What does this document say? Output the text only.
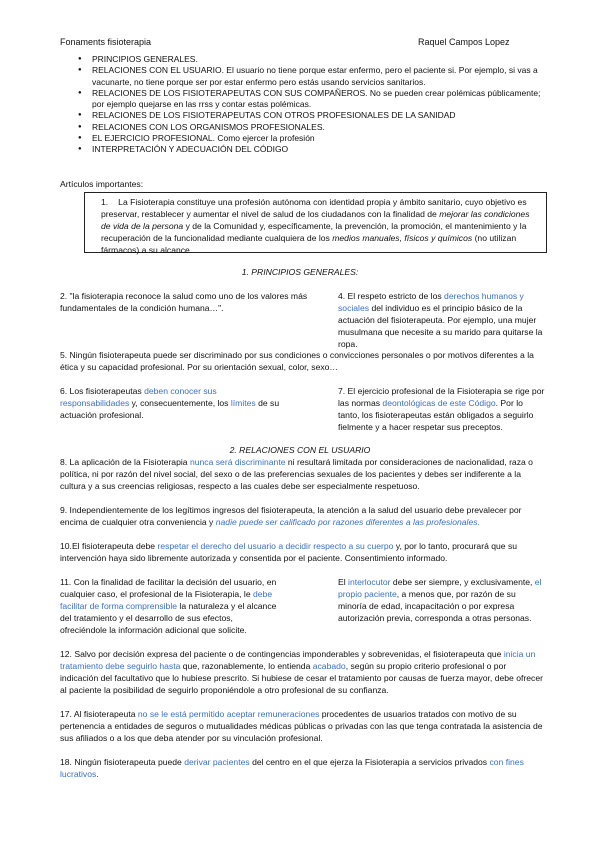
Fonaments fisioterapia	Raquel Campos Lopez
● PRINCIPIOS GENERALES.
● RELACIONES CON EL USUARIO. El usuario no tiene porque estar enfermo, pero el paciente si. Por ejemplo, si vas a vacunarte, no tiene porque ser por estar enfermo pero estás usando servicios sanitarios.
● RELACIONES DE LOS FISIOTERAPEUTAS CON SUS COMPAÑEROS. No se pueden crear polémicas públicamente; por ejemplo quejarse en las rrss y contar estas polémicas.
● RELACIONES DE LOS FISIOTERAPEUTAS CON OTROS PROFESIONALES DE LA SANIDAD
● RELACIONES CON LOS ORGANISMOS PROFESIONALES.
● EL EJERCICIO PROFESIONAL. Como ejercer la profesión
● INTERPRETACIÓN Y ADECUACIÓN DEL CÓDIGO
Artículos importantes:
1. La Fisioterapia constituye una profesión autónoma con identidad propia y ámbito sanitario, cuyo objetivo es preservar, restablecer y aumentar el nivel de salud de los ciudadanos con la finalidad de mejorar las condiciones de vida de la persona y de la Comunidad y, específicamente, la prevención, la promoción, el mantenimiento y la recuperación de la funcionalidad mediante cualquiera de los medios manuales, físicos y químicos (no utilizan fármacos) a su alcance.
1. PRINCIPIOS GENERALES:

2. "la fisioterapia reconoce la salud como uno de los valores más fundamentales de la condición humana…".

4. El respeto estricto de los derechos humanos y sociales del individuo es el principio básico de la actuación del fisioterapeuta. Por ejemplo, una mujer musulmana que necesite a su marido para quitarse la ropa.

5. Ningún fisioterapeuta puede ser discriminado por sus condiciones o convicciones personales o por motivos diferentes a la ética y su capacidad profesional. Por su orientación sexual, color, sexo…

6. Los fisioterapeutas deben conocer sus responsabilidades y, consecuentemente, los límites de su actuación profesional.

7. El ejercicio profesional de la Fisioterapia se rige por las normas deontológicas de este Código. Por lo tanto, los fisioterapeutas están obligados a seguirlo fielmente y a hacer respetar sus preceptos.

2. RELACIONES CON EL USUARIO

8. La aplicación de la Fisioterapia nunca será discriminante ni resultará limitada por consideraciones de nacionalidad, raza o política, ni por razón del nivel social, del sexo o de las preferencias sexuales de los pacientes y debes ser indiferente a la cultura y a sus creencias religiosas, respecto a las cuales debe ser especialmente respetuoso.

9. Independientemente de los legítimos ingresos del fisioterapeuta, la atención a la salud del usuario debe prevalecer por encima de cualquier otra conveniencia y nadie puede ser calificado por razones diferentes a las profesionales.

10.El fisioterapeuta debe respetar el derecho del usuario a decidir respecto a su cuerpo y, por lo tanto, procurará que su intervención haya sido libremente autorizada y consentida por el paciente. Consentimiento informado.

11. Con la finalidad de facilitar la decisión del usuario, en cualquier caso, el profesional de la Fisioterapia, le debe facilitar de forma comprensible la naturaleza y el alcance del tratamiento y el desarrollo de sus efectos, ofreciéndole la información adicional que solicite.

El interlocutor debe ser siempre, y exclusivamente, el propio paciente, a menos que, por razón de su minoría de edad, incapacitación o por expresa autorización previa, corresponda a otras personas.

12. Salvo por decisión expresa del paciente o de contingencias imponderables y sobrevenidas, el fisioterapeuta que inicia un tratamiento debe seguirlo hasta que, razonablemente, lo entienda acabado, según su propio criterio profesional o por indicación del facultativo que lo hubiese prescrito. Si hubiese de cesar el tratamiento por causas de fuerza mayor, debe ofrecer al paciente la posibilidad de seguirlo proponiéndole a otro profesional de su confianza.

17. Al fisioterapeuta no se le está permitido aceptar remuneraciones procedentes de usuarios tratados con motivo de su pertenencia a entidades de seguros o mutualidades médicas públicas o privadas con las que tenga contratada la asistencia de sus afiliados o a los que deba atender por su vinculación profesional.

18. Ningún fisioterapeuta puede derivar pacientes del centro en el que ejerza la Fisioterapia a servicios privados con fines lucrativos.
